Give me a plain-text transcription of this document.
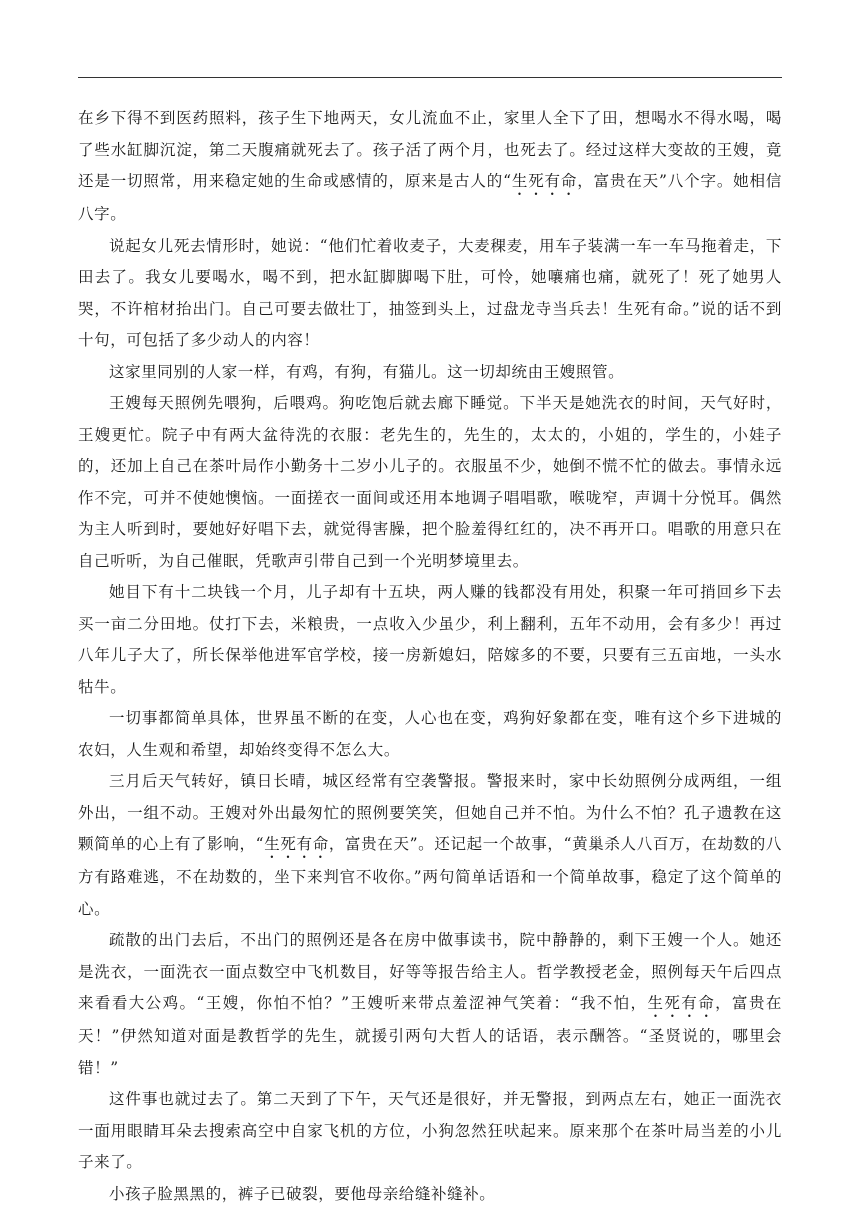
在乡下得不到医药照料，孩子生下地两天，女儿流血不止，家里人全下了田，想喝水不得水喝，喝了些水缸脚沉淀，第二天腹痛就死去了。孩子活了两个月，也死去了。经过这样大变故的王嫂，竟还是一切照常，用来稳定她的生命或感情的，原来是古人的“生死有命，富贵在天”八个字。她相信八字。

说起女儿死去情形时，她说：“他们忙着收麦子，大麦稞麦，用车子装满一车一车马拖着走，下田去了。我女儿要喝水，喝不到，把水缸脚脚喝下肚，可怜，她嚷痛也痛，就死了！死了她男人哭，不许棺材抬出门。自己可要去做壮丁，抽签到头上，过盘龙寺当兵去！生死有命。”说的话不到十句，可包括了多少动人的内容！

这家里同别的人家一样，有鸡，有狗，有猫儿。这一切却统由王嫂照管。

王嫂每天照例先喂狗，后喂鸡。狗吃饱后就去廊下睡觉。下半天是她洗衣的时间，天气好时，王嫂更忙。院子中有两大盆待洗的衣服：老先生的，先生的，太太的，小姐的，学生的，小娃子的，还加上自己在茶叶局作小勤务十二岁小儿子的。衣服虽不少，她倒不慌不忙的做去。事情永远作不完，可并不使她懊恼。一面搓衣一面间或还用本地调子唱唱歌，喉咙窄，声调十分悦耳。偶然为主人听到时，要她好好唱下去，就觉得害臊，把个脸羞得红红的，决不再开口。唱歌的用意只在自己听听，为自己催眠，凭歌声引带自己到一个光明梦境里去。

她目下有十二块钱一个月，儿子却有十五块，两人赚的钱都没有用处，积聚一年可捎回乡下去买一亩二分田地。仗打下去，米粮贵，一点收入少虽少，利上翻利，五年不动用，会有多少！再过八年儿子大了，所长保举他进军官学校，接一房新媳妇，陪嫁多的不要，只要有三五亩地，一头水牯牛。

一切事都简单具体，世界虽不断的在变，人心也在变，鸡狗好象都在变，唯有这个乡下进城的农妇，人生观和希望，却始终变得不怎么大。

三月后天气转好，镇日长晴，城区经常有空袭警报。警报来时，家中长幼照例分成两组，一组外出，一组不动。王嫂对外出最匆忙的照例要笑笑，但她自己并不怕。为什么不怕？孔子遗教在这颗简单的心上有了影响，“生死有命，富贵在天”。还记起一个故事，“黄巢杀人八百万，在劫数的八方有路难逃，不在劫数的，坐下来判官不收你。”两句简单话语和一个简单故事，稳定了这个简单的心。

疏散的出门去后，不出门的照例还是各在房中做事读书，院中静静的，剩下王嫂一个人。她还是洗衣，一面洗衣一面点数空中飞机数目，好等等报告给主人。哲学教授老金，照例每天午后四点来看看大公鸡。“王嫂，你怕不怕？”王嫂听来带点羞涩神气笑着：“我不怕，生死有命，富贵在天！”伊然知道对面是教哲学的先生，就援引两句大哲人的话语，表示酬答。“圣贤说的，哪里会错！”

这件事也就过去了。第二天到了下午，天气还是很好，并无警报，到两点左右，她正一面洗衣一面用眼睛耳朵去搜索高空中自家飞机的方位，小狗忽然狂吠起来。原来那个在茶叶局当差的小儿子来了。

小孩子脸黑黑的，裤子已破裂，要他母亲给缝补缝补。
